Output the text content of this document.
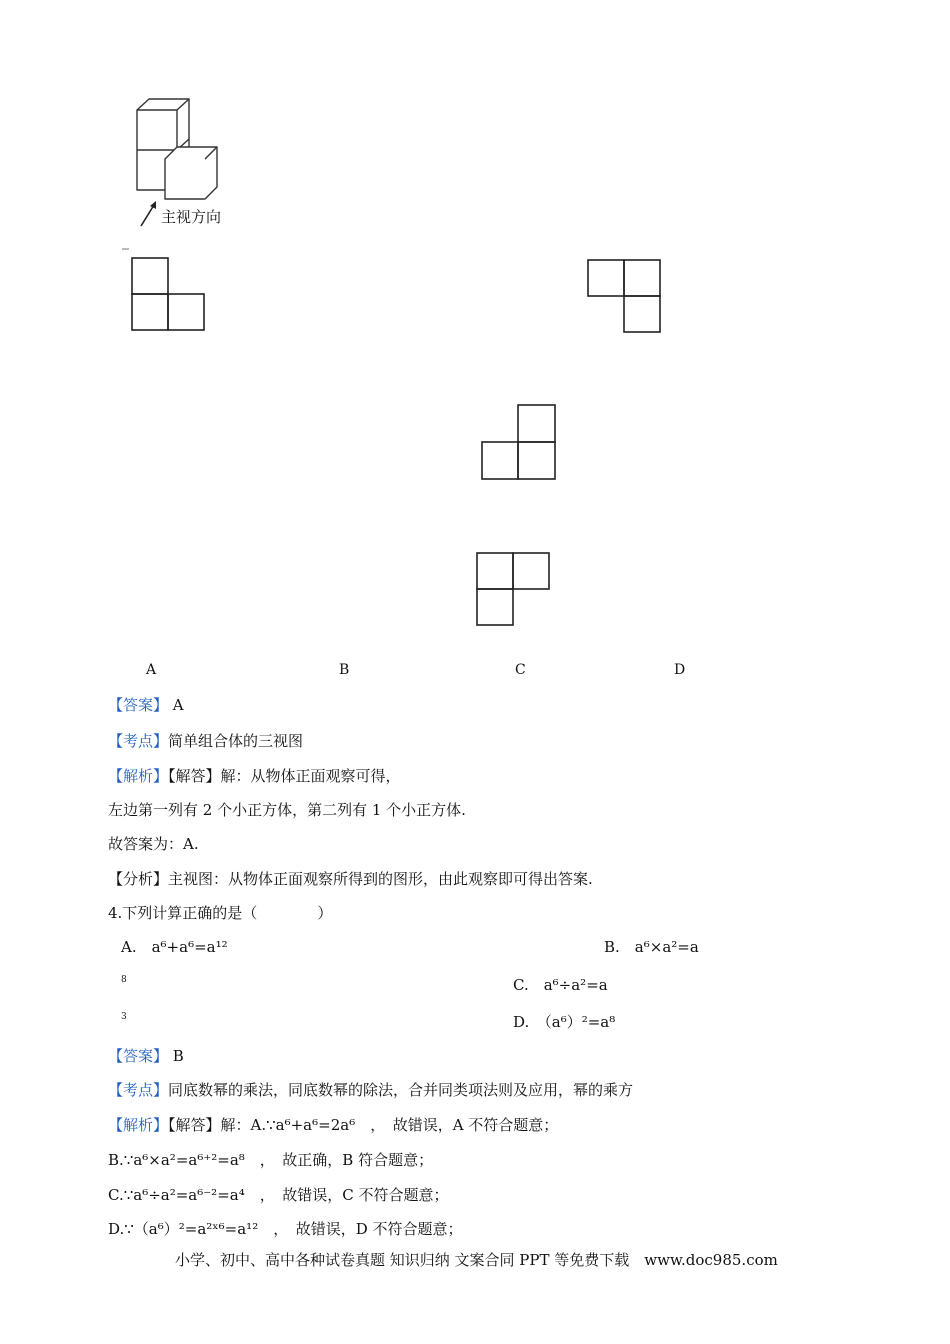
主视方向
A	B	C	D
【答案】 A
【考点】简单组合体的三视图
【解析】【解答】解：从物体正面观察可得，
左边第一列有 2 个小正方体，第二列有 1 个小正方体.
故答案为：A.
【分析】主视图：从物体正面观察所得到的图形，由此观察即可得出答案.
4.下列计算正确的是（　　　　）
A.　a⁶+a⁶=a¹²	B.　a⁶×a²=a
8	C.　a⁶÷a²=a
3	D.　（a⁶）²=a⁸
【答案】 B
【考点】同底数幂的乘法，同底数幂的除法，合并同类项法则及应用，幂的乘方
【解析】【解答】解：A.∵a⁶+a⁶=2a⁶　，　故错误，A 不符合题意；
B.∵a⁶×a²=a⁶⁺²=a⁸　，　故正确，B 符合题意；
C.∵a⁶÷a²=a⁶⁻²=a⁴　，　故错误，C 不符合题意；
D.∵（a⁶）²=a²ˣ⁶=a¹²　，　故错误，D 不符合题意；
小学、初中、高中各种试卷真题 知识归纳 文案合同 PPT 等免费下载　www.doc985.com
